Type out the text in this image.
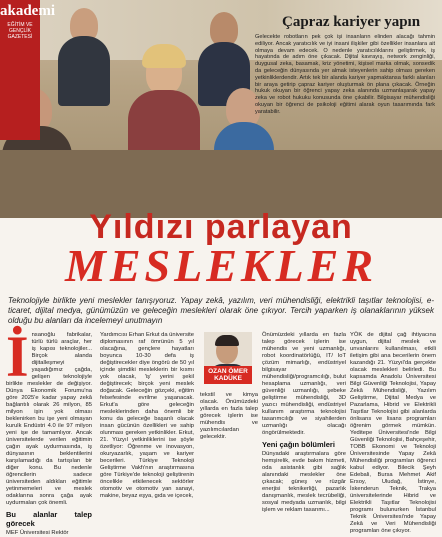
akademi
EĞİTİM VE GENÇLİK GAZETESİ
Çapraz kariyer yapın
Gelecekte robotların pek çok işi insanların elinden alacağı tahmin ediliyor. Ancak yaratıcılık ve iyi insani ilişkiler gibi özellikler insanlara ait olmaya devam edecek. O nedenle yaratıcılıklarını geliştirmek, iş hayatında de adım öne çıkacak. Dijital kavrayış, network zenginliği, duygusal zeka, basamak, kriz yönetimi, kişisel marka olmak, sonsedik da geleceğin dünyasında yer almak isteyenlerin sahip olması gereken yetkinliklerdendir. Artık tek bir alanda kariyer yapmaktansa farklı alanları bir araya getirip çapraz kariyer oluşturmak ön plana çıkacak. Örneğin hukuk okuyan bir öğrenci yapay zeka alanında uzmanlaşarak yapay zeka ve robot hukuku konusunda öne çıkabilir. Bilgisayar mühendisliği okuyan bir öğrenci de psikoloji eğitimi alarak oyun tasarımında fark yaratabilir.
Yıldızı parlayan
MESLEKLER
Teknolojiyle birlikte yeni meslekler tanışıyoruz. Yapay zekâ, yazılım, veri mühendisliği, elektrikli taşıtlar teknolojisi, e-ticaret, dijital medya, günümüzün ve geleceğin meslekleri olarak öne çıkıyor. Tercih yaparken iş olanaklarının yüksek olduğu bu alanları da incelemeyi unutmayın
İ nsanoğlu fabrikalar, türlü türlü araçlar, her iş kapısı teknolojiler... Birçok alanda dijitalleşmeyi yaşadığımız çağda, gelişen teknolojiyle birlikte meslekler de değişiyor. Dünya Ekonomik Forumu'na göre 2025'e kadar yapay zekâ bağlantılı olarak 26 milyon, 85 milyon işin yok olması beklenirken bu işe yeni olmayan kurulk Endüstri 4.0 ile 97 milyon yeni işe de tamamlıyor. Ancak üniversitelerde verilen eğitimin çağın ayak uydurmasında, iş dünyasının beklentilerini karşılamadığı da tartışılan bir diğer konu. Bu nedenle öğrencilerin sadece üniversiteden aldıkları eğitimle yetinmemeleri ve meslek odaklarına sonra çağa ayak uydurmaları çok önemli.
Bu alanlar talep görecek
MEF Üniversitesi Rektör
Yardımcısı Erhan Erkut da üniversite diplomasının raf ömrünün 5 yıl olacağına, gençlere hayatları boyunca 10-30 defa iş değiştirecekler diye öngörü de 50 yıl içinde şimdiki mesleklerin bir kısmı yok olacak, 'iş' yerini şekil değiştirecek; birçok yeni meslek doğacak. Geleceğin gözçeki, eğitim felsefesinde evrilme yaşanacak. Erkut'a göre geleceğin mesleklerinden daha önemli bir konu da geleceğe başarılı olacak insan gücünün özellikleri ve sahip olunması gereken yetkinlikler. Erkut, 21. Yüzyıl yetkinliklerini ise şöyle özetliyor: Öğrenme ve inovasyon, okuryazarlık, yaşam ve kariyer becerileri. Türkiye Teknoloji Geliştirme Vakfı'nın araştırmasına göre Türkiye'de teknoloji geliştirenin öncelikle etkilenecek sektörler otomotiv ve otomotiv yan sanayi, makine, beyaz eşya, gıda ve içecek,
OZAN ÖMER KADÜKE
tekstil ve kimya olacak. Önümüzdeki yıllarda en fazla talep görecek işlerin ise mühendis ve yazılımcılardan gelecektir.
Önümüzdeki yıllarda en fazla talep görecek işlerin ise mühendis ve yeni uzmanlığı, robot koordinatörlüğü, IT/ IoT çözüm mimarlığı, endüstriyel bilgisayar mühendisliği/programcılığı, bulut hesaplama uzmanlığı, veri güvenliği uzmanlığı, şebeke geliştirme mühendisliği, 3D yazıcı mühendisliği, endüstriyel kullanım araştırma teknolojisi tasarımcılığı ve siyahilerden uzmanlığı olacağı öngörülmektedir.
Yeni çağın bölümleri
Dünyadaki araştırmalara göre hemşirelik, evde bakım hizmeti, oda asistanlık gibi sağlık alanındaki meslekler öne çıkacak; güneş ve rüzgâr enerjisi teknikerliği, pazarlık danışmanlık, meslek tecrübeliği, sosyal medyada uzmanlık, bilgi işlem ve reklam tasarımı...
YÖK de dijital çağ ihtiyacına uygun, dijital meslek ve unvanlarını kullanılması, etkili iletişim gibi ana becerilerin önem kazandığı 21. Yüzyıl'da gerçekte olacak meslekleri belirledi. Bu kapsamda Anadolu Üniversitesi Bilgi Güvenliği Teknolojisi, Yapay Zekâ Mühendisliği, Yazılım Geliştirme, Dijital Medya ve Pazarlama, Hibrid ve Elektrikli Taşıtlar Teknolojisi gibi alanlarda önlisans ve lisans programları öğrenim görmek mümkün. Yeditepe Üniversitesi'nde Bilgi Güvenliği Teknolojisi, Bahçeşehir, TOBB Ekonomi ve Teknoloji Üniversitesinde Yapay Zekâ Mühendisliği programları öğrenci kabul ediyor. Bilecik Şeyh Edebali, Bursa Mehmet Akif Ersoy, Uludağ, İstinye, İskenderun Teknik, Trakya üniversitelerinde Hibrid ve Elektrikli Taşıtlar Teknolojisi programı bulunurken İstanbul Teknik Üniversitesi'nde Yapay Zekâ ve Veri Mühendisliği programları öne çıkıyor.
